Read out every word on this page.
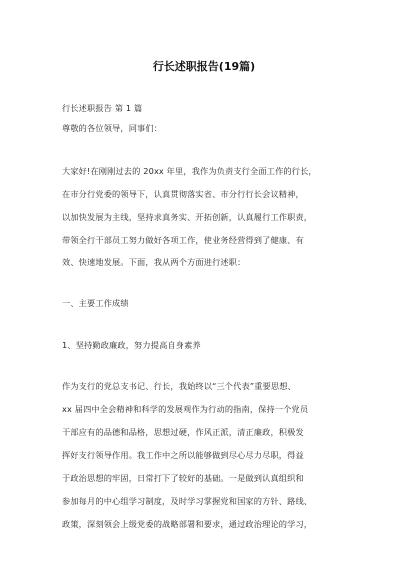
行长述职报告(19篇)
行长述职报告 第 1 篇
尊敬的各位领导，同事们：
大家好!在刚刚过去的 20xx 年里，我作为负责支行全面工作的行长，
在市分行党委的领导下，认真贯彻落实省、市分行行长会议精神，
以加快发展为主线，坚持求真务实、开拓创新，认真履行工作职责，
带领全行干部员工努力做好各项工作，使业务经营得到了健康、有
效、快速地发展。下面，我从两个方面进行述职：
一、主要工作成绩
1、坚持勤政廉政，努力提高自身素养
作为支行的党总支书记、行长，我始终以“三个代表”重要思想、
xx 届四中全会精神和科学的发展观作为行动的指南，保持一个党员
干部应有的品德和品格，思想过硬，作风正派，清正廉政，积极发
挥好支行领导作用。我工作中之所以能够做到尽心尽力尽职，得益
于政治思想的牢固，日常打下了较好的基础。一是做到认真组织和
参加每月的中心组学习制度，及时学习掌握党和国家的方针、路线、
政策，深刻领会上级党委的战略部署和要求，通过政治理论的学习，
